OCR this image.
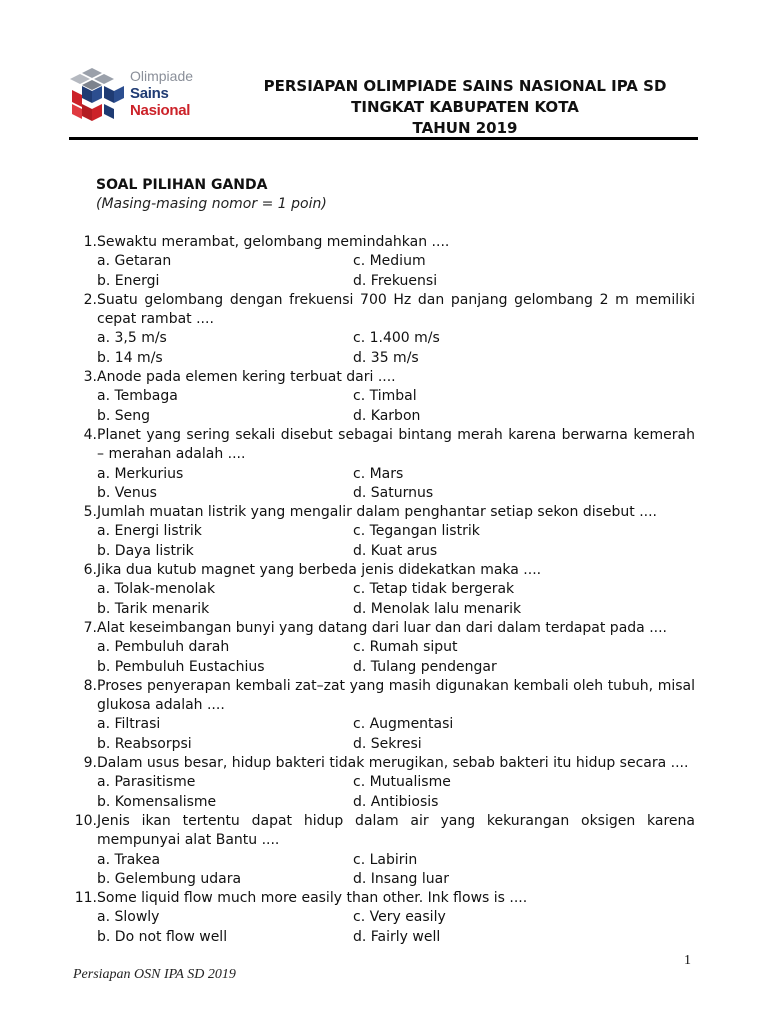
Olimpiade
Sains
Nasional
PERSIAPAN OLIMPIADE SAINS NASIONAL IPA SD
TINGKAT KABUPATEN KOTA
TAHUN 2019
SOAL PILIHAN GANDA
(Masing-masing nomor = 1 poin)
1. Sewaktu merambat, gelombang memindahkan ....
a. Getaran	c. Medium
b. Energi	d. Frekuensi
2. Suatu gelombang dengan frekuensi 700 Hz dan panjang gelombang 2 m memiliki cepat rambat ....
a. 3,5 m/s	c. 1.400 m/s
b. 14 m/s	d. 35 m/s
3. Anode pada elemen kering terbuat dari ....
a. Tembaga	c. Timbal
b. Seng	d. Karbon
4. Planet yang sering sekali disebut sebagai bintang merah karena berwarna kemerah – merahan adalah ....
a. Merkurius	c. Mars
b. Venus	d. Saturnus
5. Jumlah muatan listrik yang mengalir dalam penghantar setiap sekon disebut ....
a. Energi listrik	c. Tegangan listrik
b. Daya listrik	d. Kuat arus
6. Jika dua kutub magnet yang berbeda jenis didekatkan maka ....
a. Tolak-menolak	c. Tetap tidak bergerak
b. Tarik menarik	d. Menolak lalu menarik
7. Alat keseimbangan bunyi yang datang dari luar dan dari dalam terdapat pada ....
a. Pembuluh darah	c. Rumah siput
b. Pembuluh Eustachius	d. Tulang pendengar
8. Proses penyerapan kembali zat–zat yang masih digunakan kembali oleh tubuh, misal glukosa adalah ....
a. Filtrasi	c. Augmentasi
b. Reabsorpsi	d. Sekresi
9. Dalam usus besar, hidup bakteri tidak merugikan, sebab bakteri itu hidup secara ....
a. Parasitisme	c. Mutualisme
b. Komensalisme	d. Antibiosis
10. Jenis ikan tertentu dapat hidup dalam air yang kekurangan oksigen karena mempunyai alat Bantu ....
a. Trakea	c. Labirin
b. Gelembung udara	d. Insang luar
11. Some liquid flow much more easily than other. Ink flows is ....
a. Slowly	c. Very easily
b. Do not flow well	d. Fairly well
1
Persiapan OSN IPA SD 2019
